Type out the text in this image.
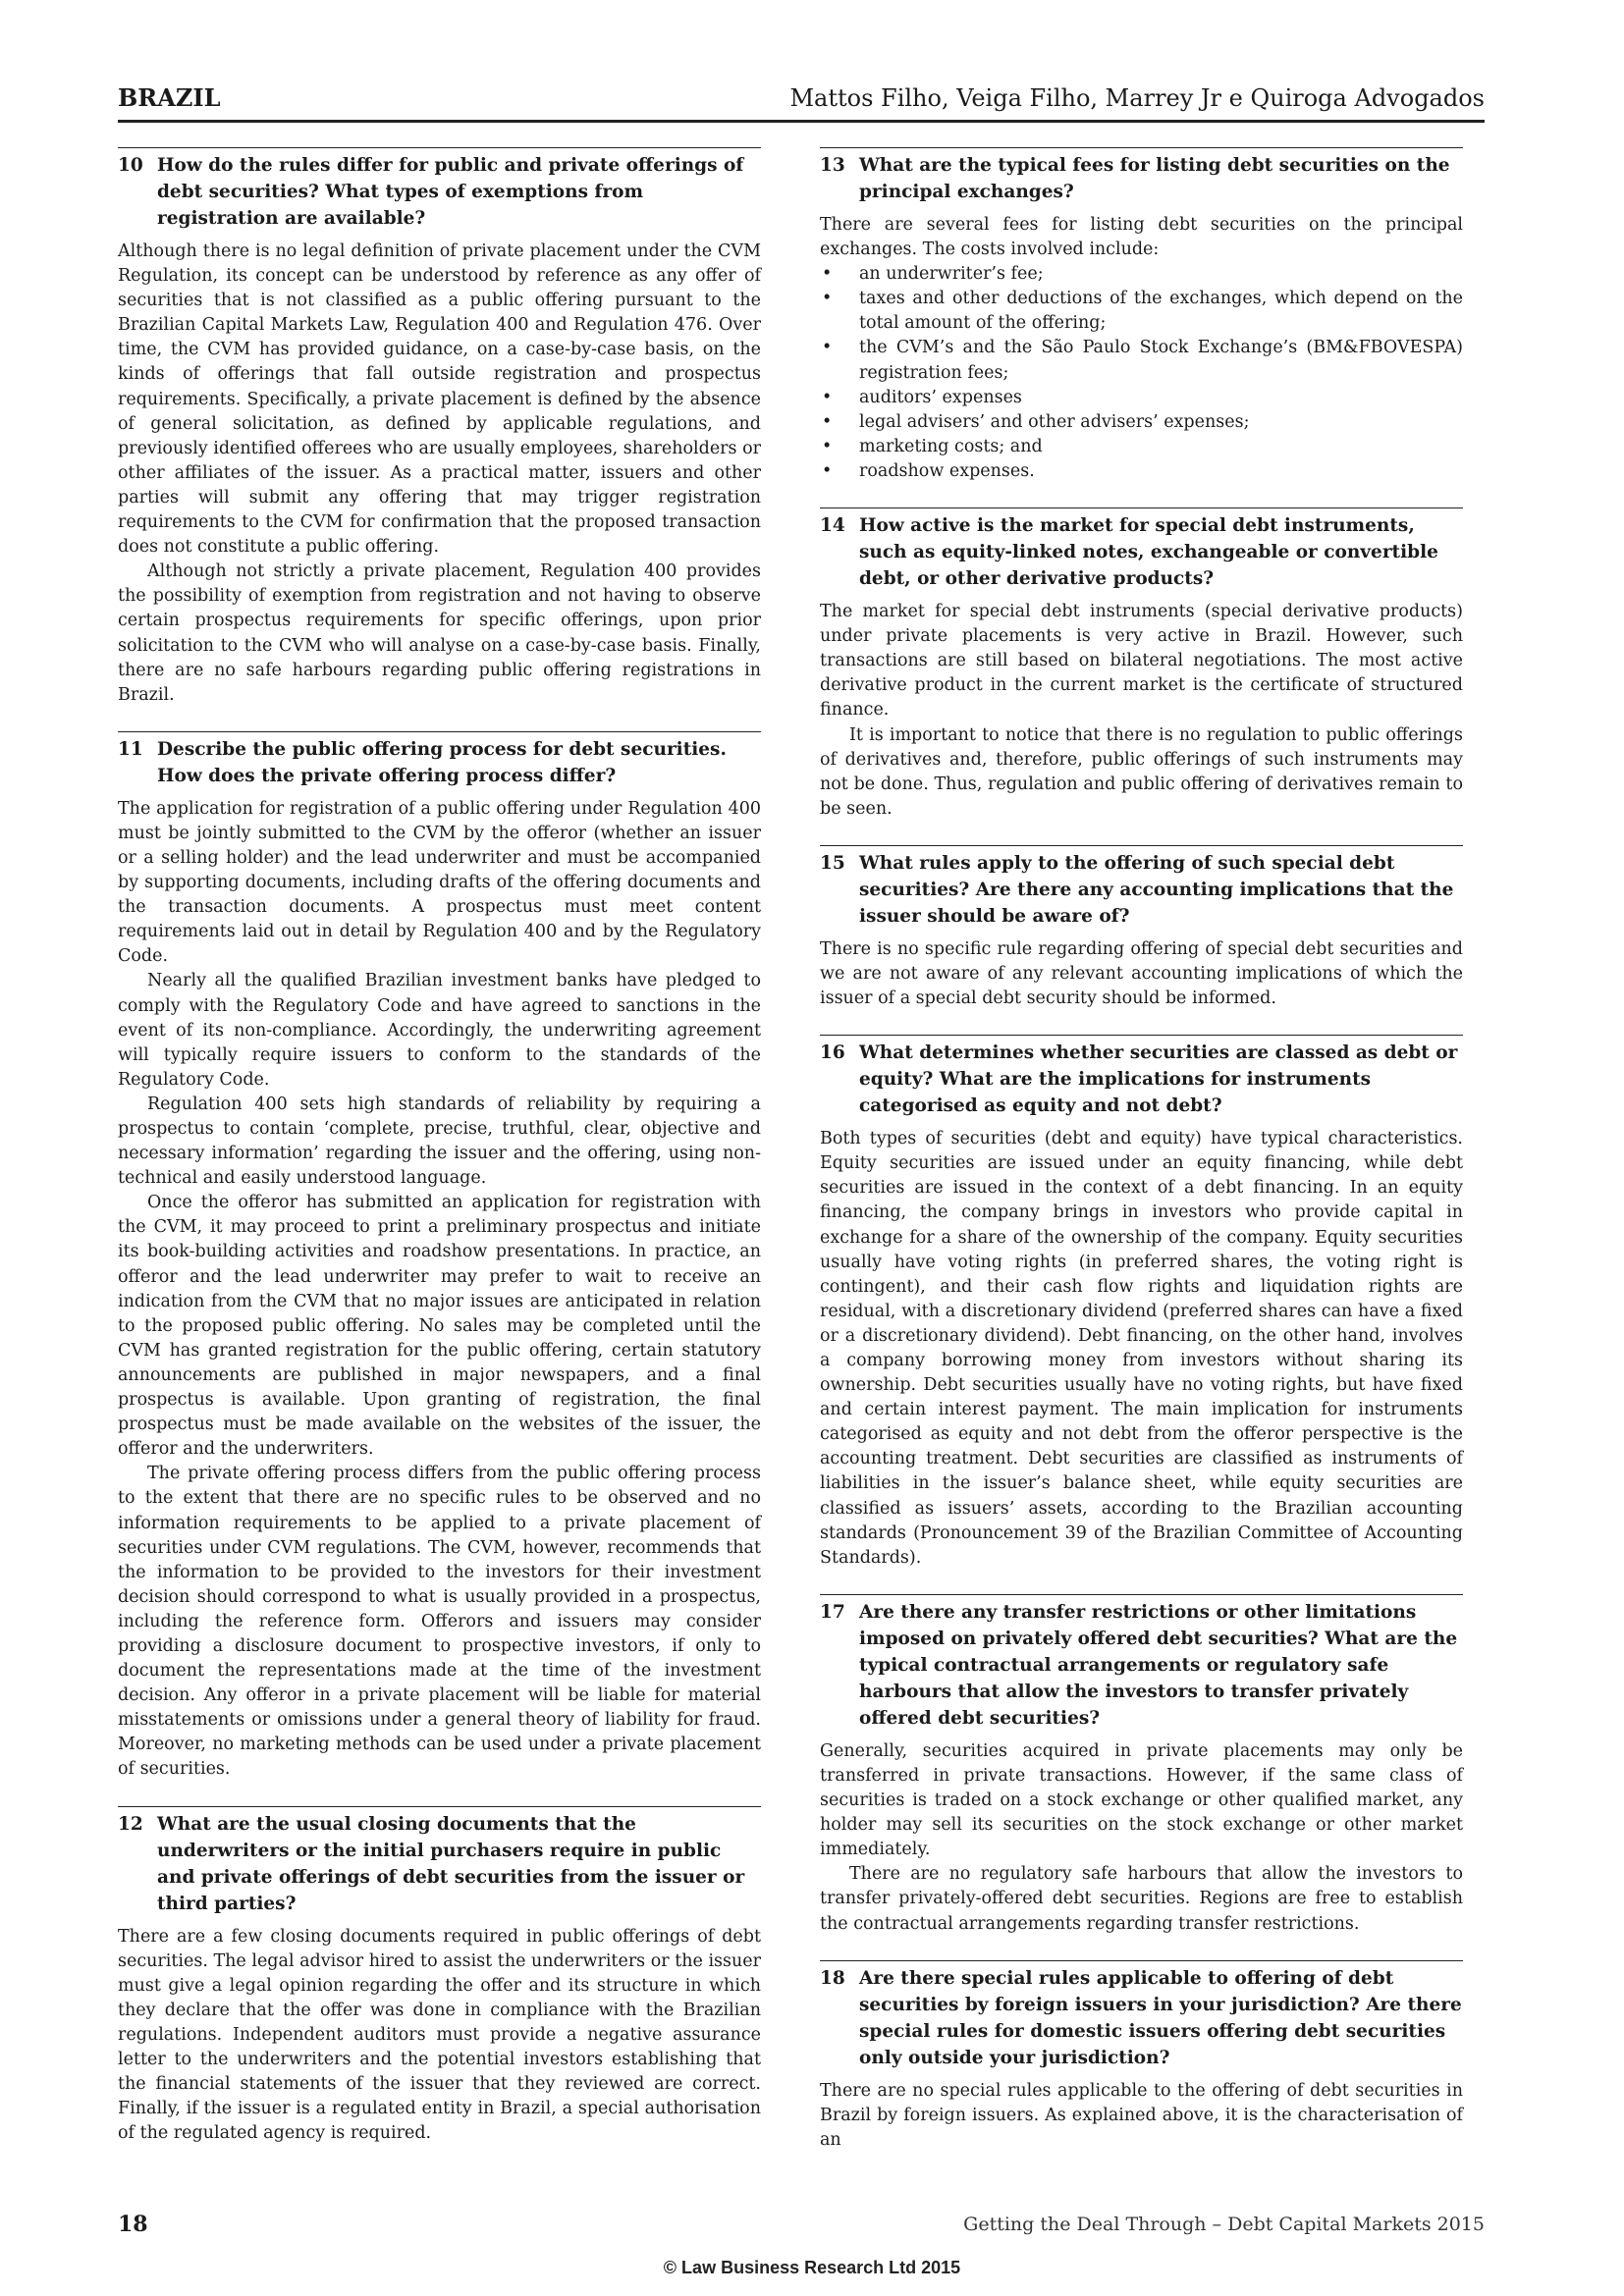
BRAZIL	Mattos Filho, Veiga Filho, Marrey Jr e Quiroga Advogados
10 How do the rules differ for public and private offerings of debt securities? What types of exemptions from registration are available?

Although there is no legal definition of private placement under the CVM Regulation, its concept can be understood by reference as any offer of securities that is not classified as a public offering pursuant to the Brazilian Capital Markets Law, Regulation 400 and Regulation 476. Over time, the CVM has provided guidance, on a case-by-case basis, on the kinds of offerings that fall outside registration and prospectus requirements. Specifically, a private placement is defined by the absence of general solicitation, as defined by applicable regulations, and previously identified offerees who are usually employees, shareholders or other affiliates of the issuer. As a practical matter, issuers and other parties will submit any offering that may trigger registration requirements to the CVM for confirmation that the proposed transaction does not constitute a public offering.

Although not strictly a private placement, Regulation 400 provides the possibility of exemption from registration and not having to observe certain prospectus requirements for specific offerings, upon prior solicitation to the CVM who will analyse on a case-by-case basis. Finally, there are no safe harbours regarding public offering registrations in Brazil.

11 Describe the public offering process for debt securities. How does the private offering process differ?

The application for registration of a public offering under Regulation 400 must be jointly submitted to the CVM by the offeror (whether an issuer or a selling holder) and the lead underwriter and must be accompanied by supporting documents, including drafts of the offering documents and the transaction documents. A prospectus must meet content requirements laid out in detail by Regulation 400 and by the Regulatory Code.

Nearly all the qualified Brazilian investment banks have pledged to comply with the Regulatory Code and have agreed to sanctions in the event of its non-compliance. Accordingly, the underwriting agreement will typically require issuers to conform to the standards of the Regulatory Code.

Regulation 400 sets high standards of reliability by requiring a prospectus to contain ‘complete, precise, truthful, clear, objective and necessary information’ regarding the issuer and the offering, using non-technical and easily understood language.

Once the offeror has submitted an application for registration with the CVM, it may proceed to print a preliminary prospectus and initiate its book-building activities and roadshow presentations. In practice, an offeror and the lead underwriter may prefer to wait to receive an indication from the CVM that no major issues are anticipated in relation to the proposed public offering. No sales may be completed until the CVM has granted registration for the public offering, certain statutory announcements are published in major newspapers, and a final prospectus is available. Upon granting of registration, the final prospectus must be made available on the websites of the issuer, the offeror and the underwriters.

The private offering process differs from the public offering process to the extent that there are no specific rules to be observed and no information requirements to be applied to a private placement of securities under CVM regulations. The CVM, however, recommends that the information to be provided to the investors for their investment decision should correspond to what is usually provided in a prospectus, including the reference form. Offerors and issuers may consider providing a disclosure document to prospective investors, if only to document the representations made at the time of the investment decision. Any offeror in a private placement will be liable for material misstatements or omissions under a general theory of liability for fraud. Moreover, no marketing methods can be used under a private placement of securities.

12 What are the usual closing documents that the underwriters or the initial purchasers require in public and private offerings of debt securities from the issuer or third parties?

There are a few closing documents required in public offerings of debt securities. The legal advisor hired to assist the underwriters or the issuer must give a legal opinion regarding the offer and its structure in which they declare that the offer was done in compliance with the Brazilian regulations. Independent auditors must provide a negative assurance letter to the underwriters and the potential investors establishing that the financial statements of the issuer that they reviewed are correct. Finally, if the issuer is a regulated entity in Brazil, a special authorisation of the regulated agency is required.

13 What are the typical fees for listing debt securities on the principal exchanges?

There are several fees for listing debt securities on the principal exchanges. The costs involved include:

•	an underwriter’s fee;
•	taxes and other deductions of the exchanges, which depend on the total amount of the offering;
•	the CVM’s and the São Paulo Stock Exchange’s (BM&FBOVESPA) registration fees;
•	auditors’ expenses
•	legal advisers’ and other advisers’ expenses;
•	marketing costs; and
•	roadshow expenses.
14 How active is the market for special debt instruments, such as equity-linked notes, exchangeable or convertible debt, or other derivative products?

The market for special debt instruments (special derivative products) under private placements is very active in Brazil. However, such transactions are still based on bilateral negotiations. The most active derivative product in the current market is the certificate of structured finance.

It is important to notice that there is no regulation to public offerings of derivatives and, therefore, public offerings of such instruments may not be done. Thus, regulation and public offering of derivatives remain to be seen.

15 What rules apply to the offering of such special debt securities? Are there any accounting implications that the issuer should be aware of?

There is no specific rule regarding offering of special debt securities and we are not aware of any relevant accounting implications of which the issuer of a special debt security should be informed.

16 What determines whether securities are classed as debt or equity? What are the implications for instruments categorised as equity and not debt?

Both types of securities (debt and equity) have typical characteristics. Equity securities are issued under an equity financing, while debt securities are issued in the context of a debt financing. In an equity financing, the company brings in investors who provide capital in exchange for a share of the ownership of the company. Equity securities usually have voting rights (in preferred shares, the voting right is contingent), and their cash flow rights and liquidation rights are residual, with a discretionary dividend (preferred shares can have a fixed or a discretionary dividend). Debt financing, on the other hand, involves a company borrowing money from investors without sharing its ownership. Debt securities usually have no voting rights, but have fixed and certain interest payment. The main implication for instruments categorised as equity and not debt from the offeror perspective is the accounting treatment. Debt securities are classified as instruments of liabilities in the issuer’s balance sheet, while equity securities are classified as issuers’ assets, according to the Brazilian accounting standards (Pronouncement 39 of the Brazilian Committee of Accounting Standards).

17 Are there any transfer restrictions or other limitations imposed on privately offered debt securities? What are the typical contractual arrangements or regulatory safe harbours that allow the investors to transfer privately offered debt securities?

Generally, securities acquired in private placements may only be transferred in private transactions. However, if the same class of securities is traded on a stock exchange or other qualified market, any holder may sell its securities on the stock exchange or other market immediately.

There are no regulatory safe harbours that allow the investors to transfer privately-offered debt securities. Regions are free to establish the contractual arrangements regarding transfer restrictions.

18 Are there special rules applicable to offering of debt securities by foreign issuers in your jurisdiction? Are there special rules for domestic issuers offering debt securities only outside your jurisdiction?

There are no special rules applicable to the offering of debt securities in Brazil by foreign issuers. As explained above, it is the characterisation of an

18	Getting the Deal Through – Debt Capital Markets 2015
© Law Business Research Ltd 2015
